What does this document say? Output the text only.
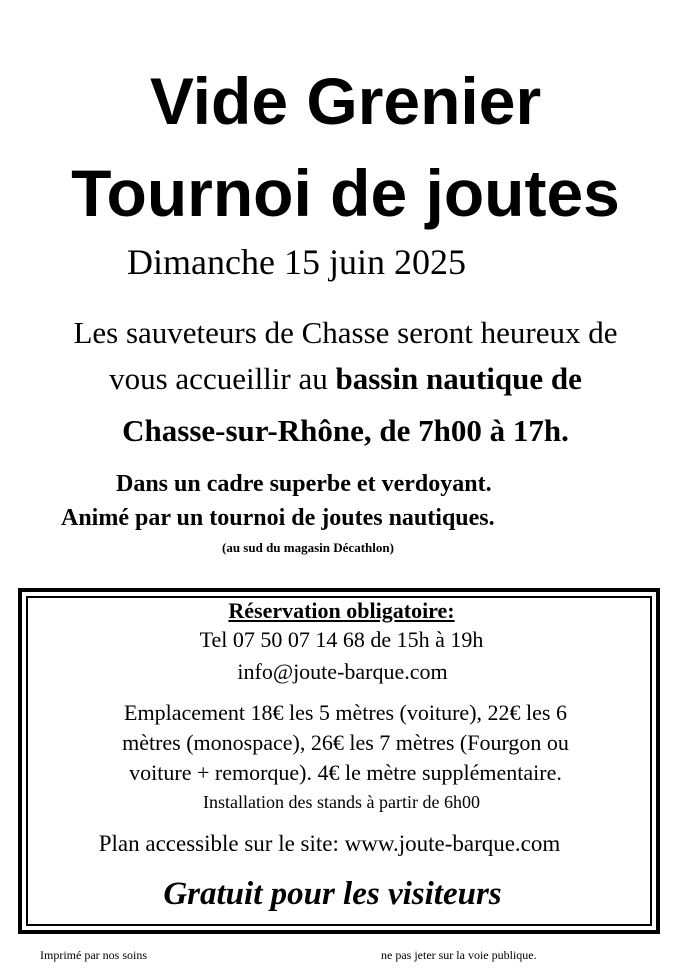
Vide Grenier
Tournoi de joutes
Dimanche 15 juin 2025
Les sauveteurs de Chasse seront heureux de
vous accueillir au bassin nautique de
Chasse-sur-Rhône, de 7h00 à 17h.
Dans un cadre superbe et verdoyant.
Animé par un tournoi de joutes nautiques.
(au sud du magasin Décathlon)
Réservation obligatoire:
Tel 07 50 07 14 68 de 15h à 19h
info@joute-barque.com
Emplacement 18€ les 5 mètres (voiture), 22€ les 6
mètres (monospace), 26€ les 7 mètres (Fourgon ou
voiture + remorque). 4€ le mètre supplémentaire.
Installation des stands à partir de 6h00
Plan accessible sur le site: www.joute-barque.com
Gratuit pour les visiteurs
Imprimé par nos soins	ne pas jeter sur la voie publique.
